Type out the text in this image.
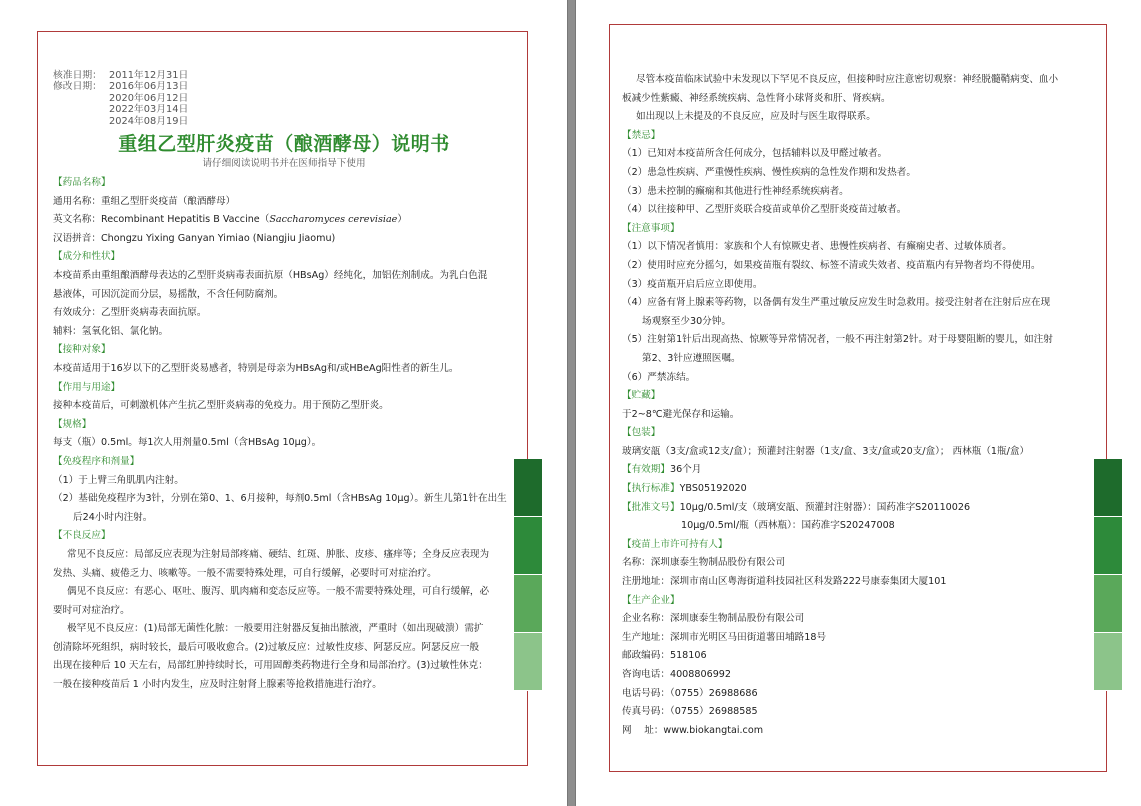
核准日期： 2011年12月31日
修改日期： 2016年06月13日
2020年06月12日
2022年03月14日
2024年08月19日
重组乙型肝炎疫苗（酿酒酵母）说明书
请仔细阅读说明书并在医师指导下使用
【药品名称】
通用名称：重组乙型肝炎疫苗（酿酒酵母）
英文名称：Recombinant Hepatitis B Vaccine（Saccharomyces cerevisiae）
汉语拼音：Chongzu Yixing Ganyan Yimiao (Niangjiu Jiaomu)
【成分和性状】
本疫苗系由重组酿酒酵母表达的乙型肝炎病毒表面抗原（HBsAg）经纯化，加铝佐剂制成。为乳白色混
悬液体，可因沉淀而分层，易摇散，不含任何防腐剂。
有效成分：乙型肝炎病毒表面抗原。
辅料：氢氧化铝、氯化钠。
【接种对象】
本疫苗适用于16岁以下的乙型肝炎易感者，特别是母亲为HBsAg和/或HBeAg阳性者的新生儿。
【作用与用途】
接种本疫苗后，可刺激机体产生抗乙型肝炎病毒的免疫力。用于预防乙型肝炎。
【规格】
每支（瓶）0.5ml。每1次人用剂量0.5ml（含HBsAg 10μg）。
【免疫程序和剂量】
（1）于上臂三角肌肌内注射。
（2）基础免疫程序为3针，分别在第0、1、6月接种，每剂0.5ml（含HBsAg 10μg）。新生儿第1针在出生
后24小时内注射。
【不良反应】
常见不良反应：局部反应表现为注射局部疼痛、硬结、红斑、肿胀、皮疹、瘙痒等；全身反应表现为
发热、头痛、疲倦乏力、咳嗽等。一般不需要特殊处理，可自行缓解，必要时可对症治疗。
偶见不良反应：有恶心、呕吐、腹泻、肌肉痛和変态反应等。一般不需要特殊处理，可自行缓解，必
要时可对症治疗。
极罕见不良反应：(1)局部无菌性化脓：一般要用注射器反复抽出脓液，严重时（如出现破溃）需扩
创清除坏死组织，病时较长，最后可吸收愈合。(2)过敏反应：过敏性皮疹、阿瑟反应。阿瑟反应一般
出现在接种后 10 天左右，局部红肿持续时长，可用固醇类药物进行全身和局部治疗。(3)过敏性休克：
一般在接种疫苗后 1 小时内发生，应及时注射肾上腺素等抢救措施进行治疗。
尽管本疫苗临床试验中未发现以下罕见不良反应，但接种时应注意密切观察：神经脱髓鞘病变、血小
板减少性紫癜、神经系统疾病、急性肾小球肾炎和肝、肾疾病。
如出现以上未提及的不良反应，应及时与医生取得联系。
【禁忌】
（1）已知对本疫苗所含任何成分，包括辅料以及甲醛过敏者。
（2）患急性疾病、严重慢性疾病、慢性疾病的急性发作期和发热者。
（3）患未控制的癫痫和其他进行性神经系统疾病者。
（4）以往接种甲、乙型肝炎联合疫苗或单价乙型肝炎疫苗过敏者。
【注意事项】
（1）以下情况者慎用：家族和个人有惊厥史者、患慢性疾病者、有癫痫史者、过敏体质者。
（2）使用时应充分摇匀，如果疫苗瓶有裂纹、标签不清或失效者、疫苗瓶内有异物者均不得使用。
（3）疫苗瓶开启后应立即使用。
（4）应备有肾上腺素等药物，以备偶有发生严重过敏反应发生时急救用。接受注射者在注射后应在现
场观察至少30分钟。
（5）注射第1针后出现高热、惊厥等异常情况者，一般不再注射第2针。对于母婴阻断的婴儿，如注射
第2、3针应遵照医嘱。
（6）严禁冻结。
【贮藏】
于2~8℃避光保存和运输。
【包装】
玻璃安瓿（3支/盒或12支/盒）；预灌封注射器（1支/盒、3支/盒或20支/盒）； 西林瓶（1瓶/盒）
【有效期】36个月
【执行标准】YBS05192020
【批准文号】10μg/0.5ml/支（玻璃安瓿、预灌封注射器）：国药准字S20110026
10μg/0.5ml/瓶（西林瓶）：国药准字S20247008
【疫苗上市许可持有人】
名称：深圳康泰生物制品股份有限公司
注册地址：深圳市南山区粤海街道科技园社区科发路222号康泰集团大厦101
【生产企业】
企业名称：深圳康泰生物制品股份有限公司
生产地址：深圳市光明区马田街道薯田埔路18号
邮政编码：518106
咨询电话：4008806992
电话号码：（0755）26988686
传真号码：（0755）26988585
网　 址：www.biokangtai.com
